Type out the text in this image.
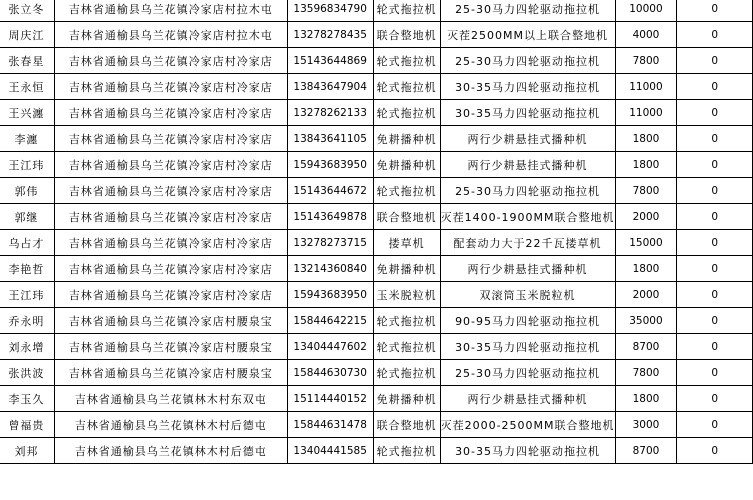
张立冬	吉林省通榆县乌兰花镇冷家店村拉木屯	13596834790	轮式拖拉机	25-30马力四轮驱动拖拉机	10000	0
周庆江	吉林省通榆县乌兰花镇冷家店村拉木屯	13278278435	联合整地机	灭茬2500MM以上联合整地机	4000	0
张春星	吉林省通榆县乌兰花镇冷家店村冷家店	15143644869	轮式拖拉机	25-30马力四轮驱动拖拉机	7800	0
王永恒	吉林省通榆县乌兰花镇冷家店村冷家店	13843647904	轮式拖拉机	30-35马力四轮驱动拖拉机	11000	0
王兴瀍	吉林省通榆县乌兰花镇冷家店村冷家店	13278262133	轮式拖拉机	30-35马力四轮驱动拖拉机	11000	0
李瀍	吉林省通榆县乌兰花镇冷家店村冷家店	13843641105	免耕播种机	两行少耕悬挂式播种机	1800	0
王江玮	吉林省通榆县乌兰花镇冷家店村冷家店	15943683950	免耕播种机	两行少耕悬挂式播种机	1800	0
郭伟	吉林省通榆县乌兰花镇冷家店村冷家店	15143644672	轮式拖拉机	25-30马力四轮驱动拖拉机	7800	0
郭继	吉林省通榆县乌兰花镇冷家店村冷家店	15143649878	联合整地机	灭茬1400-1900MM联合整地机	2000	0
乌占才	吉林省通榆县乌兰花镇冷家店村冷家店	13278273715	搂草机	配套动力大于22千瓦搂草机	15000	0
李艳哲	吉林省通榆县乌兰花镇冷家店村冷家店	13214360840	免耕播种机	两行少耕悬挂式播种机	1800	0
王江玮	吉林省通榆县乌兰花镇冷家店村冷家店	15943683950	玉米脱粒机	双滚筒玉米脱粒机	2000	0
乔永明	吉林省通榆县乌兰花镇冷家店村腰泉宝	15844642215	轮式拖拉机	90-95马力四轮驱动拖拉机	35000	0
刘永增	吉林省通榆县乌兰花镇冷家店村腰泉宝	13404447602	轮式拖拉机	30-35马力四轮驱动拖拉机	8700	0
张洪波	吉林省通榆县乌兰花镇冷家店村腰泉宝	15844630730	轮式拖拉机	25-30马力四轮驱动拖拉机	7800	0
李玉久	吉林省通榆县乌兰花镇林木村东双屯	15114440152	免耕播种机	两行少耕悬挂式播种机	1800	0
曾福贵	吉林省通榆县乌兰花镇林木村后德屯	15844631478	联合整地机	灭茬2000-2500MM联合整地机	3000	0
刘邦	吉林省通榆县乌兰花镇林木村后德屯	13404441585	轮式拖拉机	30-35马力四轮驱动拖拉机	8700	0
